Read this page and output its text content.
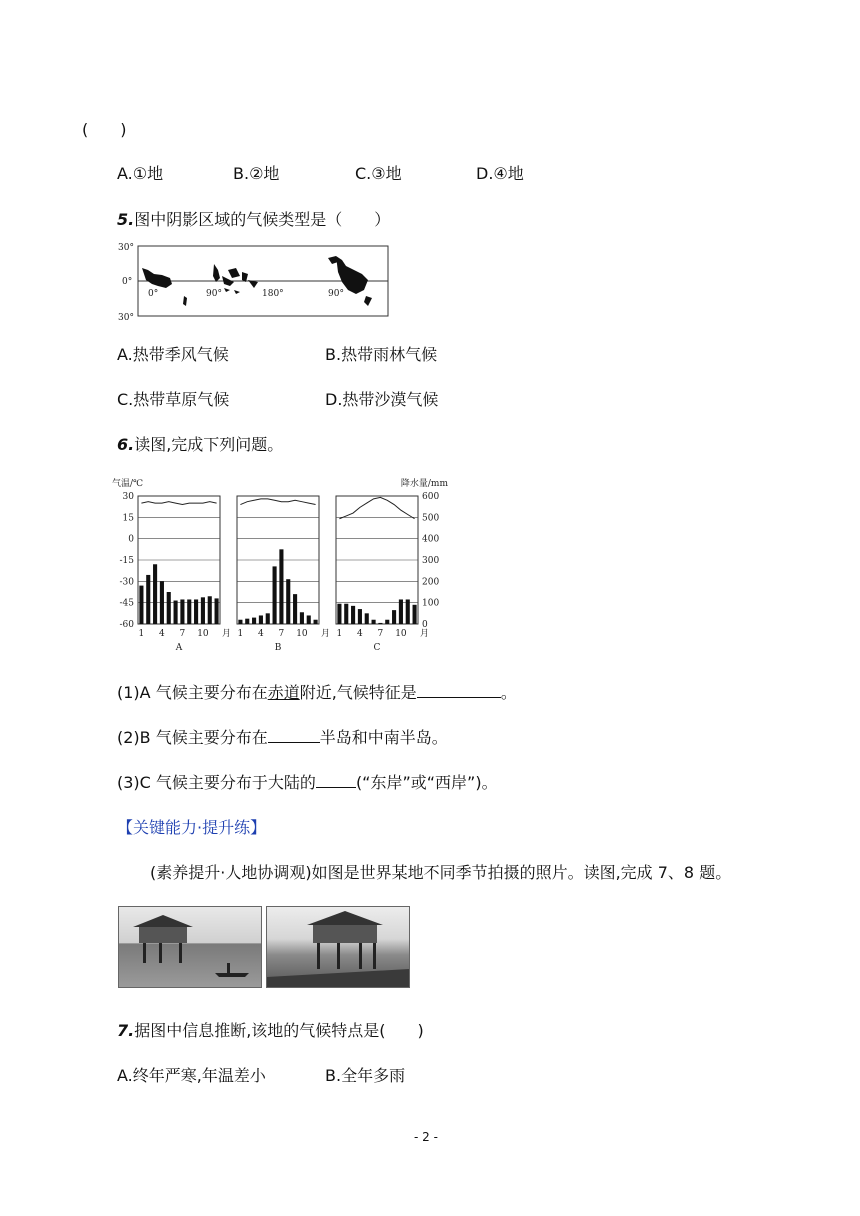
(　　)
A.①地	B.②地	C.③地	D.④地
5.图中阴影区域的气候类型是（　　）
30°
0°
30°
0°	90°	180°	90°
A.热带季风气候	B.热带雨林气候
C.热带草原气候	D.热带沙漠气候
6.读图,完成下列问题。
气温/℃	降水量/mm
30
15
0
-15
-30
-45
-60
600
500
400
300
200
100
0
1 4 7 10 月
A
1 4 7 10 月
B
1 4 7 10 月
C
(1)A 气候主要分布在赤道附近,气候特征是	。
(2)B 气候主要分布在	半岛和中南半岛。
(3)C 气候主要分布于大陆的	(“东岸”或“西岸”)。
【关键能力·提升练】
(素养提升·人地协调观)如图是世界某地不同季节拍摄的照片。读图,完成 7、8 题。
7.据图中信息推断,该地的气候特点是(　　)
A.终年严寒,年温差小	B.全年多雨
- 2 -
